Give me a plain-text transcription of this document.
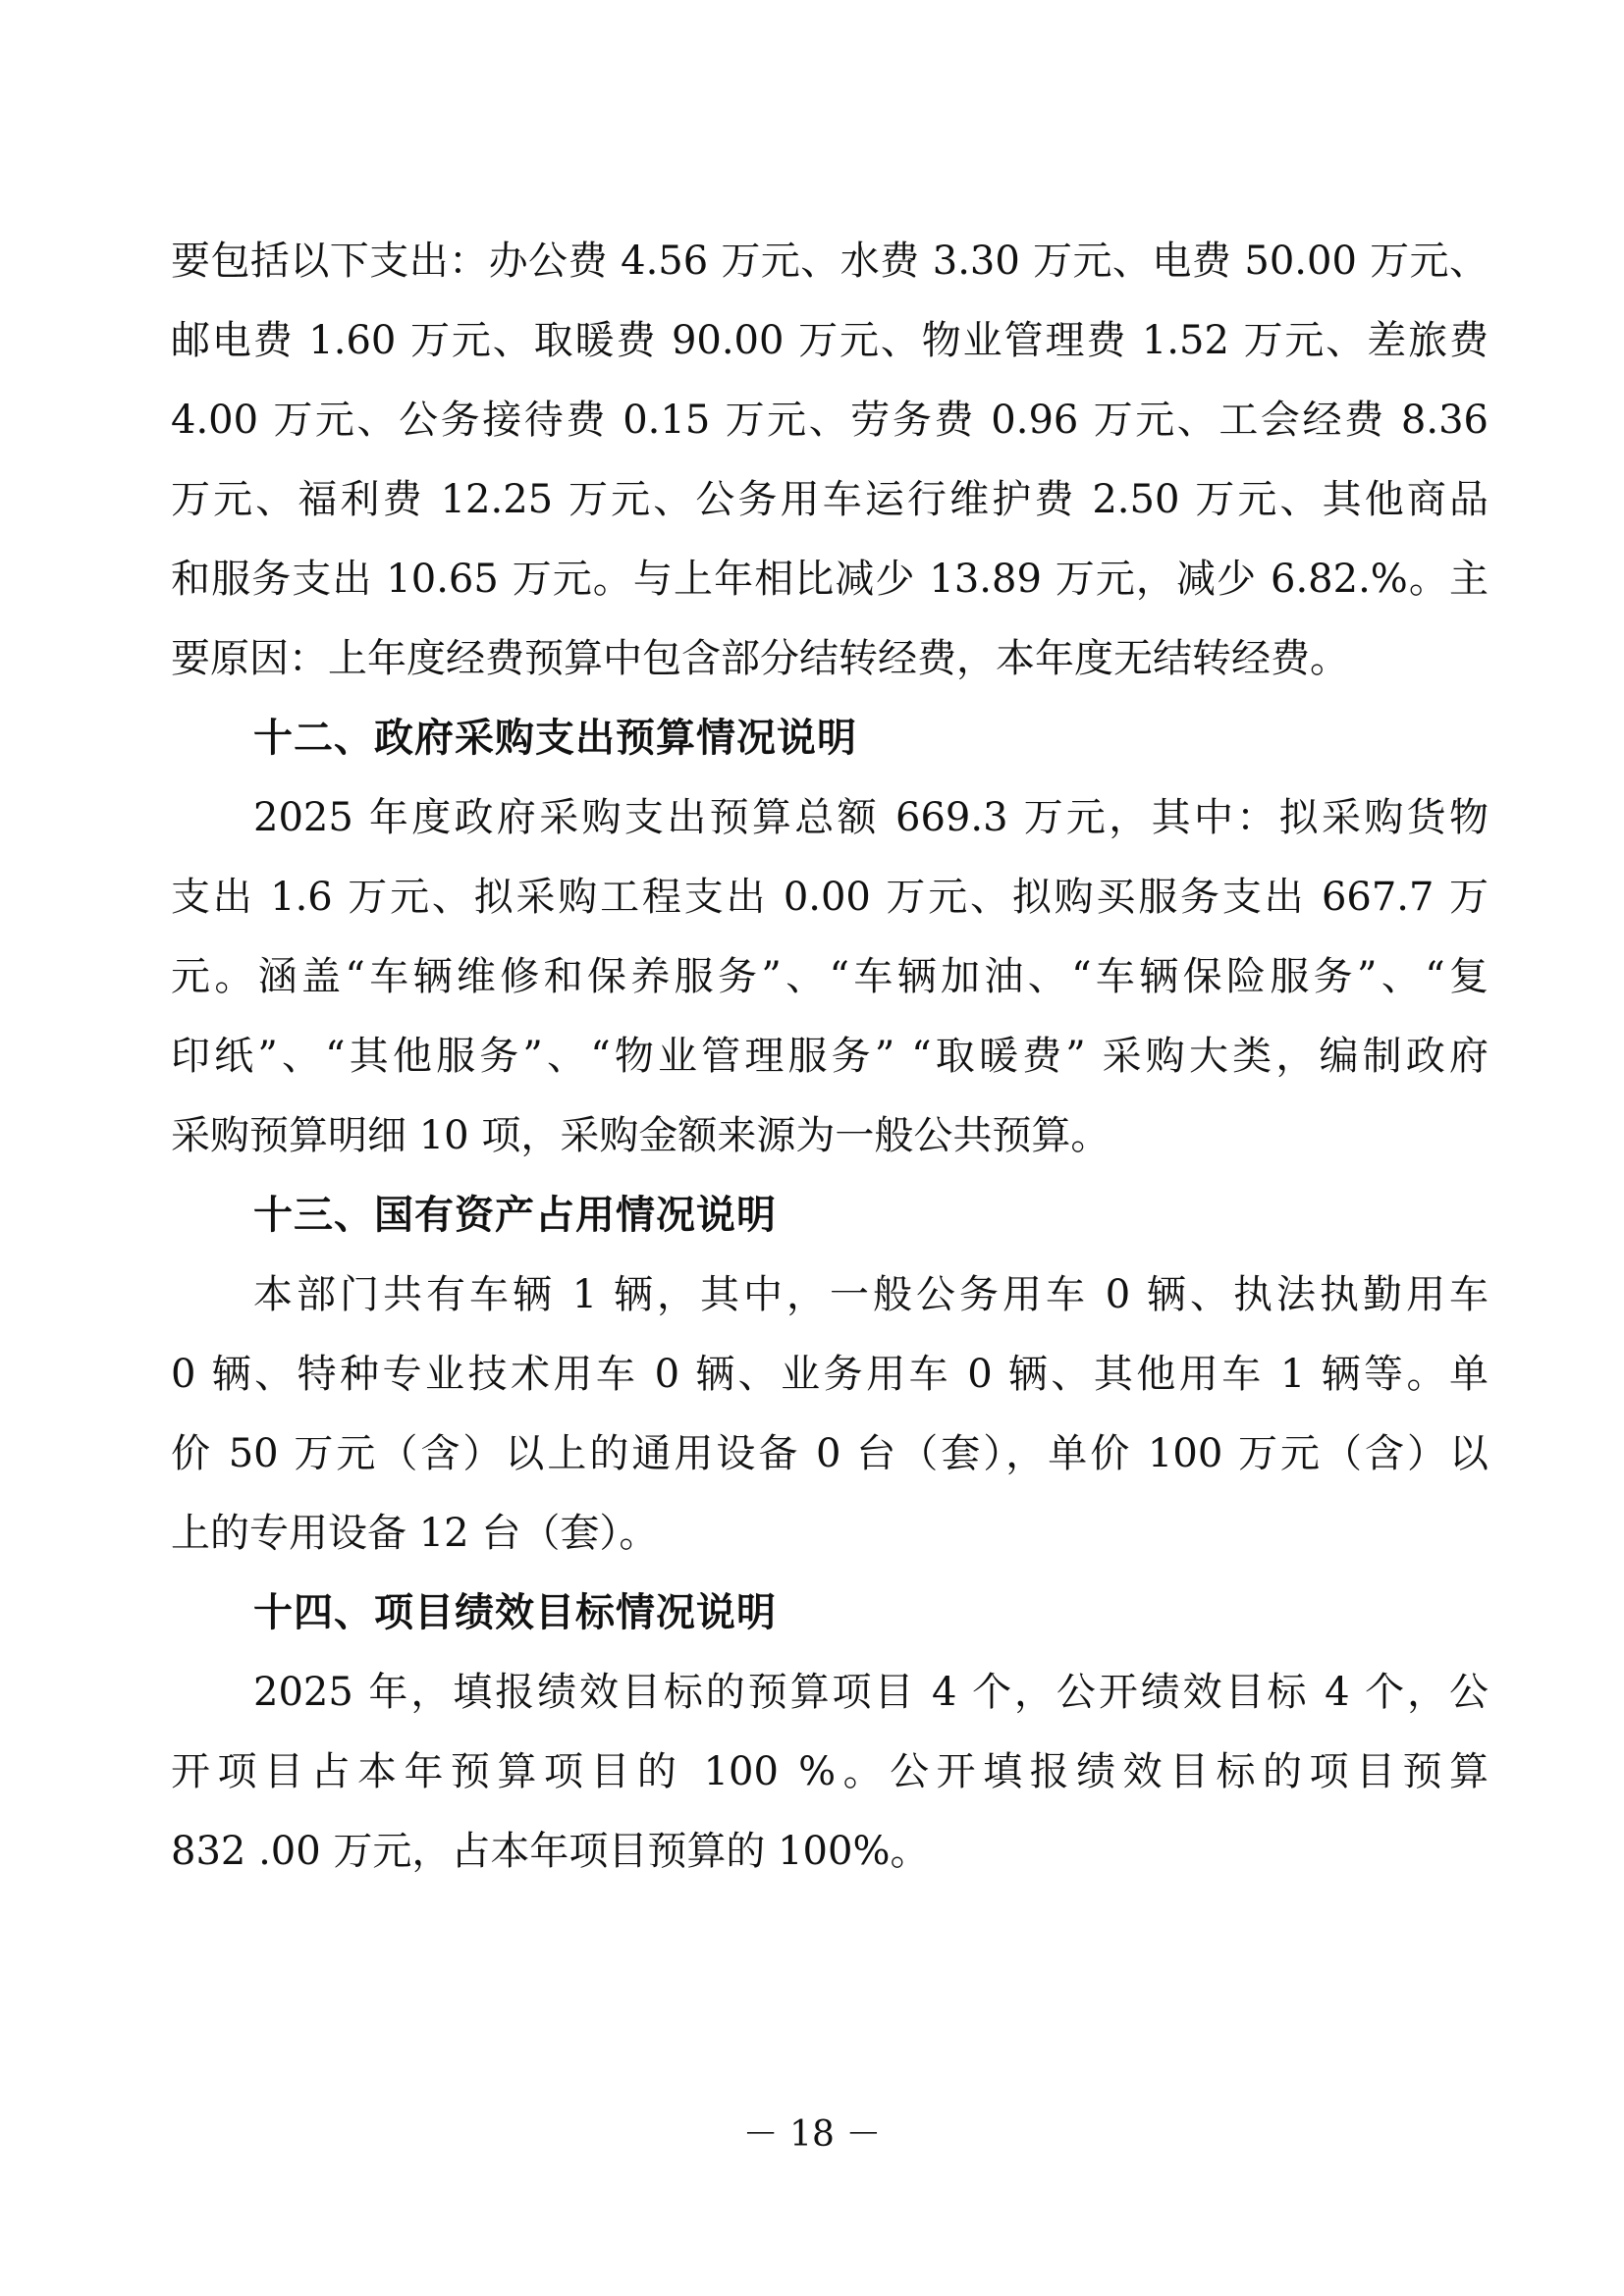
要包括以下支出：办公费 4.56 万元、水费 3.30 万元、电费 50.00 万元、
邮电费 1.60 万元、取暖费 90.00 万元、物业管理费 1.52 万元、差旅费
4.00 万元、公务接待费 0.15 万元、劳务费 0.96 万元、工会经费 8.36
万元、福利费 12.25 万元、公务用车运行维护费 2.50 万元、其他商品
和服务支出 10.65 万元。与上年相比减少 13.89 万元，减少 6.82.%。主
要原因：上年度经费预算中包含部分结转经费，本年度无结转经费。
十二、政府采购支出预算情况说明
2025 年度政府采购支出预算总额 669.3 万元，其中：拟采购货物
支出 1.6 万元、拟采购工程支出 0.00 万元、拟购买服务支出 667.7 万
元。涵盖“车辆维修和保养服务”、“车辆加油、“车辆保险服务”、“复
印纸”、“其他服务”、“物业管理服务” “取暖费” 采购大类，编制政府
采购预算明细 10 项，采购金额来源为一般公共预算。
十三、国有资产占用情况说明
本部门共有车辆 1 辆，其中，一般公务用车 0 辆、执法执勤用车
0 辆、特种专业技术用车 0 辆、业务用车 0 辆、其他用车 1 辆等。单
价 50 万元（含）以上的通用设备 0 台（套），单价 100 万元（含）以
上的专用设备 12 台（套）。
十四、项目绩效目标情况说明
2025 年，填报绩效目标的预算项目 4 个，公开绩效目标 4 个，公
开项目占本年预算项目的 100 %。公开填报绩效目标的项目预算
832 .00 万元，占本年项目预算的 100%。
－ 18 －
